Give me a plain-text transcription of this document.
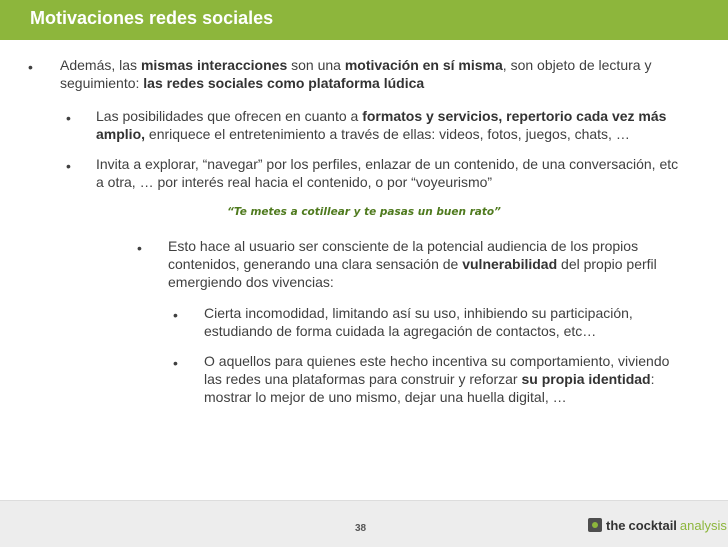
Motivaciones redes sociales
• Además, las mismas interacciones son una motivación en sí misma, son objeto de lectura y seguimiento: las redes sociales como plataforma lúdica
• Las posibilidades que ofrecen en cuanto a formatos y servicios, repertorio cada vez más amplio, enriquece el entretenimiento a través de ellas: videos, fotos, juegos, chats, …
• Invita a explorar, “navegar” por los perfiles, enlazar de un contenido, de una conversación, etc a otra, … por interés real hacia el contenido, o por “voyeurismo”
“Te metes a cotillear y te pasas un buen rato”
• Esto hace al usuario ser consciente de la potencial audiencia de los propios contenidos, generando una clara sensación de vulnerabilidad del propio perfil emergiendo dos vivencias:
• Cierta incomodidad, limitando así su uso, inhibiendo su participación, estudiando de forma cuidada la agregación de contactos, etc…
• O aquellos para quienes este hecho incentiva su comportamiento, viviendo las redes una plataformas para construir y reforzar su propia identidad: mostrar lo mejor de uno mismo, dejar una huella digital, …
38	the cocktail analysis
